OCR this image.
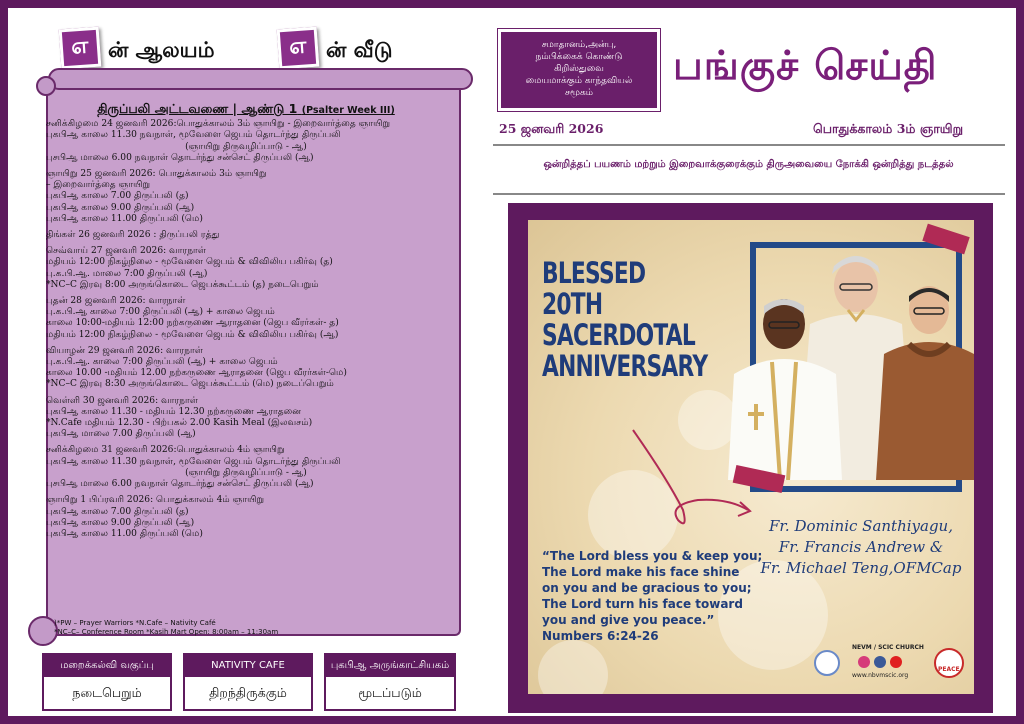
எ ன் ஆலயம்	எ ன் வீடு
திருப்பலி அட்டவணை | ஆண்டு 1 (Psalter Week III)
சனிக்கிழமை 24 ஜனவரி 2026:பொதுக்காலம் 3ம் ஞாயிறு - இறைவார்த்தை ஞாயிறு
புகபிஆ காலை 11.30 நவநாள், மூவேளை ஜெபம் தொடர்ந்து திருப்பலி
(ஞாயிறு திருவழிப்பாடு - ஆ)
புசபிஆ மாலை 6.00 நவநாள் தொடர்ந்து சன்செட் திருப்பலி (ஆ)
ஞாயிறு 25 ஜனவரி 2026: பொதுக்காலம் 3ம் ஞாயிறு
– இறைவார்த்தை ஞாயிறு
புகபிஆ காலை 7.00 திருப்பலி (த)
புகபிஆ காலை 9.00 திருப்பலி (ஆ)
புகபிஆ காலை 11.00 திருப்பலி (மெ)
திங்கள் 26 ஜனவரி 2026 : திருப்பலி ரத்து
செவ்வாய் 27 ஜனவரி 2026: வாரநாள்
மதியம் 12:00 நிகழ்நிலை - மூவேளை ஜெபம் & விவிலிய பகிர்வு (த)
பு.க.பி.ஆ. மாலை 7:00 திருப்பலி (ஆ)
*NC–C இரவு 8:00 அருங்கொடை ஜெபக்கூட்டம் (த) நடைபெறும்
புதன் 28 ஜனவரி 2026: வாரநாள்
பு.க.பி.ஆ காலை 7:00 திருப்பலி (ஆ) + காலை ஜெபம்
காலை 10:00-மதியம் 12:00 நற்கருணை ஆராதனை (ஜெப வீரர்கள்- த)
மதியம் 12:00 நிகழ்நிலை - மூவேளை ஜெபம் & விவிலிய பகிர்வு (ஆ)
வியாழன் 29 ஜனவரி 2026: வாரநாள்
பு.க.பி.ஆ. காலை 7:00 திருப்பலி (ஆ) + காலை ஜெபம்
காலை 10.00 -மதியம் 12.00 நற்கருணை ஆராதனை (ஜெப வீரர்கள்-மெ)
*NC–C இரவு 8:30 அருங்கொடை ஜெபக்கூட்டம் (மெ) நடைப்பெறும்
வெள்ளி 30 ஜனவரி 2026: வாரநாள்
புகபிஆ காலை 11.30 - மதியம் 12.30 நற்கருணை ஆராதனை
*N.Cafe மதியம் 12.30 - பிற்பகல் 2.00 Kasih Meal (இலவசம்)
புகபிஆ மாலை 7.00 திருப்பலி (ஆ)
சனிக்கிழமை 31 ஜனவரி 2026:பொதுக்காலம் 4ம் ஞாயிறு
புகபிஆ காலை 11.30 நவநாள், மூவேளை ஜெபம் தொடர்ந்து திருப்பலி
(ஞாயிறு திருவழிப்பாடு - ஆ)
புசபிஆ மாலை 6.00 நவநாள் தொடர்ந்து சன்செட் திருப்பலி (ஆ)
ஞாயிறு 1 பிப்ரவரி 2026: பொதுக்காலம் 4ம் ஞாயிறு
புகபிஆ காலை 7.00 திருப்பலி (த)
புகபிஆ காலை 9.00 திருப்பலி (ஆ)
புகபிஆ காலை 11.00 திருப்பலி (மெ)
)*PW – Prayer Warriors *N.Cafe – Nativity Café
*NC–C– Conference Room *Kasih Mart Open: 8:00am – 11:30am
மறைக்கல்வி வகுப்பு
நடைபெறும்
NATIVITY CAFE
திறந்திருக்கும்
புகபிஆ அருங்காட்சியகம்
மூடப்படும்
சமாதானம்,அன்பு,
நம்பிக்கைக் கொண்டு
கிறிஸ்துவை
மையமாக்கும் காந்தவியல்
சமூகம்
பங்குச் செய்தி
25 ஜனவரி 2026	பொதுக்காலம் 3ம் ஞாயிறு
ஒன்றித்தப் பயணம் மற்றும் இறைவாக்குரைக்கும் திருஅவையை நோக்கி ஒன்றித்து நடத்தல்
BLESSED
20TH
SACERDOTAL
ANNIVERSARY
Fr. Dominic Santhiyagu,
Fr. Francis Andrew &
Fr. Michael Teng,OFMCap
“The Lord bless you & keep you;
The Lord make his face shine
on you and be gracious to you;
The Lord turn his face toward
you and give you peace.”
Numbers 6:24-26
NEVM / SCIC CHURCH
www.nbvmscic.org
PEACE
